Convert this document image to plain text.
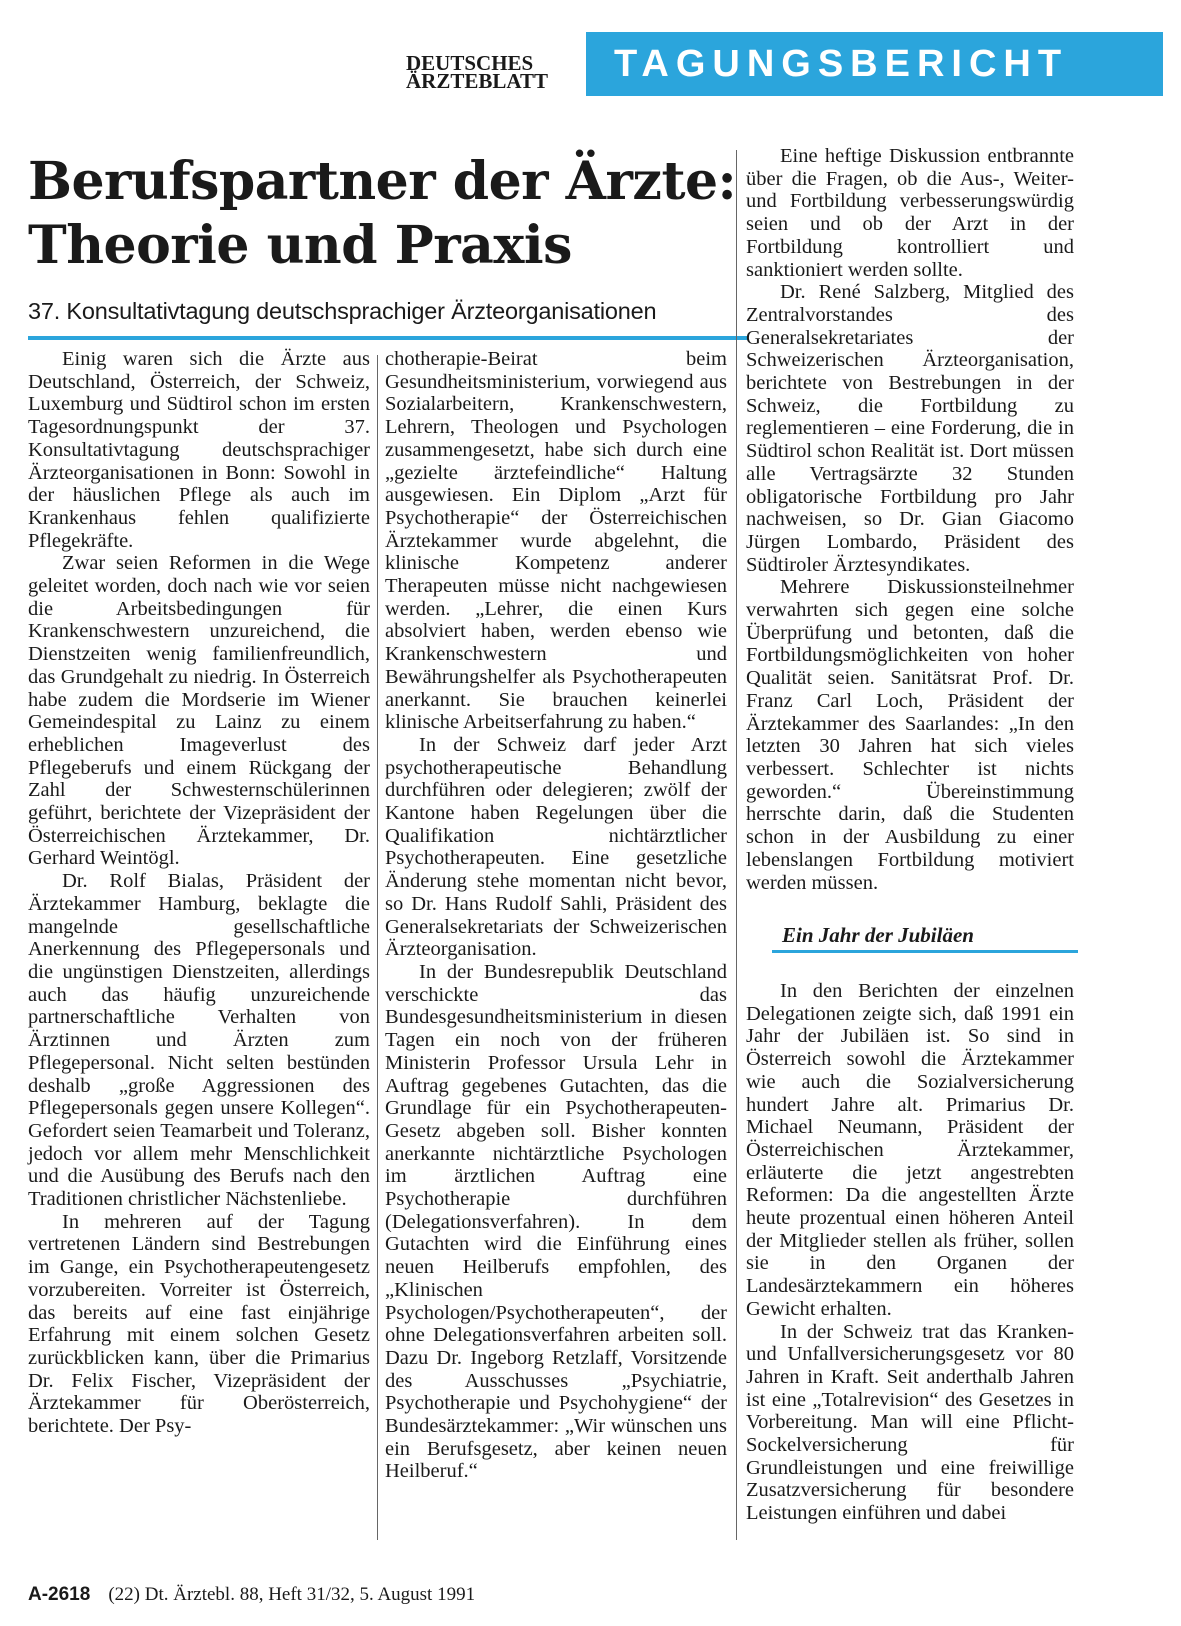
DEUTSCHES
ÄRZTEBLATT	TAGUNGSBERICHT
Berufspartner der Ärzte:
Theorie und Praxis
37. Konsultativtagung deutschsprachiger Ärzteorganisationen

Einig waren sich die Ärzte aus Deutschland, Österreich, der Schweiz, Luxemburg und Südtirol schon im ersten Tagesordnungspunkt der 37. Konsultativtagung deutschsprachiger Ärzteorganisationen in Bonn: Sowohl in der häuslichen Pflege als auch im Krankenhaus fehlen qualifizierte Pflegekräfte.

Zwar seien Reformen in die Wege geleitet worden, doch nach wie vor seien die Arbeitsbedingungen für Krankenschwestern unzureichend, die Dienstzeiten wenig familienfreundlich, das Grundgehalt zu niedrig. In Österreich habe zudem die Mordserie im Wiener Gemeindespital zu Lainz zu einem erheblichen Imageverlust des Pflegeberufs und einem Rückgang der Zahl der Schwesternschülerinnen geführt, berichtete der Vizepräsident der Österreichischen Ärztekammer, Dr. Gerhard Weintögl.

Dr. Rolf Bialas, Präsident der Ärztekammer Hamburg, beklagte die mangelnde gesellschaftliche Anerkennung des Pflegepersonals und die ungünstigen Dienstzeiten, allerdings auch das häufig unzureichende partnerschaftliche Verhalten von Ärztinnen und Ärzten zum Pflegepersonal. Nicht selten bestünden deshalb „große Aggressionen des Pflegepersonals gegen unsere Kollegen“. Gefordert seien Teamarbeit und Toleranz, jedoch vor allem mehr Menschlichkeit und die Ausübung des Berufs nach den Traditionen christlicher Nächstenliebe.

In mehreren auf der Tagung vertretenen Ländern sind Bestrebungen im Gange, ein Psychotherapeutengesetz vorzubereiten. Vorreiter ist Österreich, das bereits auf eine fast einjährige Erfahrung mit einem solchen Gesetz zurückblicken kann, über die Primarius Dr. Felix Fischer, Vizepräsident der Ärztekammer für Oberösterreich, berichtete. Der Psy-

chotherapie-Beirat beim Gesundheitsministerium, vorwiegend aus Sozialarbeitern, Krankenschwestern, Lehrern, Theologen und Psychologen zusammengesetzt, habe sich durch eine „gezielte ärztefeindliche“ Haltung ausgewiesen. Ein Diplom „Arzt für Psychotherapie“ der Österreichischen Ärztekammer wurde abgelehnt, die klinische Kompetenz anderer Therapeuten müsse nicht nachgewiesen werden. „Lehrer, die einen Kurs absolviert haben, werden ebenso wie Krankenschwestern und Bewährungshelfer als Psychotherapeuten anerkannt. Sie brauchen keinerlei klinische Arbeitserfahrung zu haben.“

In der Schweiz darf jeder Arzt psychotherapeutische Behandlung durchführen oder delegieren; zwölf der Kantone haben Regelungen über die Qualifikation nichtärztlicher Psychotherapeuten. Eine gesetzliche Änderung stehe momentan nicht bevor, so Dr. Hans Rudolf Sahli, Präsident des Generalsekretariats der Schweizerischen Ärzteorganisation.

In der Bundesrepublik Deutschland verschickte das Bundesgesundheitsministerium in diesen Tagen ein noch von der früheren Ministerin Professor Ursula Lehr in Auftrag gegebenes Gutachten, das die Grundlage für ein Psychotherapeuten-Gesetz abgeben soll. Bisher konnten anerkannte nichtärztliche Psychologen im ärztlichen Auftrag eine Psychotherapie durchführen (Delegationsverfahren). In dem Gutachten wird die Einführung eines neuen Heilberufs empfohlen, des „Klinischen Psychologen/Psychotherapeuten“, der ohne Delegationsverfahren arbeiten soll. Dazu Dr. Ingeborg Retzlaff, Vorsitzende des Ausschusses „Psychiatrie, Psychotherapie und Psychohygiene“ der Bundesärztekammer: „Wir wünschen uns ein Berufsgesetz, aber keinen neuen Heilberuf.“

Eine heftige Diskussion entbrannte über die Fragen, ob die Aus-, Weiter- und Fortbildung verbesserungswürdig seien und ob der Arzt in der Fortbildung kontrolliert und sanktioniert werden sollte.

Dr. René Salzberg, Mitglied des Zentralvorstandes des Generalsekretariates der Schweizerischen Ärzteorganisation, berichtete von Bestrebungen in der Schweiz, die Fortbildung zu reglementieren – eine Forderung, die in Südtirol schon Realität ist. Dort müssen alle Vertragsärzte 32 Stunden obligatorische Fortbildung pro Jahr nachweisen, so Dr. Gian Giacomo Jürgen Lombardo, Präsident des Südtiroler Ärztesyndikates.

Mehrere Diskussionsteilnehmer verwahrten sich gegen eine solche Überprüfung und betonten, daß die Fortbildungsmöglichkeiten von hoher Qualität seien. Sanitätsrat Prof. Dr. Franz Carl Loch, Präsident der Ärztekammer des Saarlandes: „In den letzten 30 Jahren hat sich vieles verbessert. Schlechter ist nichts geworden.“ Übereinstimmung herrschte darin, daß die Studenten schon in der Ausbildung zu einer lebenslangen Fortbildung motiviert werden müssen.

Ein Jahr der Jubiläen

In den Berichten der einzelnen Delegationen zeigte sich, daß 1991 ein Jahr der Jubiläen ist. So sind in Österreich sowohl die Ärztekammer wie auch die Sozialversicherung hundert Jahre alt. Primarius Dr. Michael Neumann, Präsident der Österreichischen Ärztekammer, erläuterte die jetzt angestrebten Reformen: Da die angestellten Ärzte heute prozentual einen höheren Anteil der Mitglieder stellen als früher, sollen sie in den Organen der Landesärztekammern ein höheres Gewicht erhalten.

In der Schweiz trat das Kranken- und Unfallversicherungsgesetz vor 80 Jahren in Kraft. Seit anderthalb Jahren ist eine „Totalrevision“ des Gesetzes in Vorbereitung. Man will eine Pflicht-Sockelversicherung für Grundleistungen und eine freiwillige Zusatzversicherung für besondere Leistungen einführen und dabei

A-2618 (22) Dt. Ärztebl. 88, Heft 31/32, 5. August 1991
